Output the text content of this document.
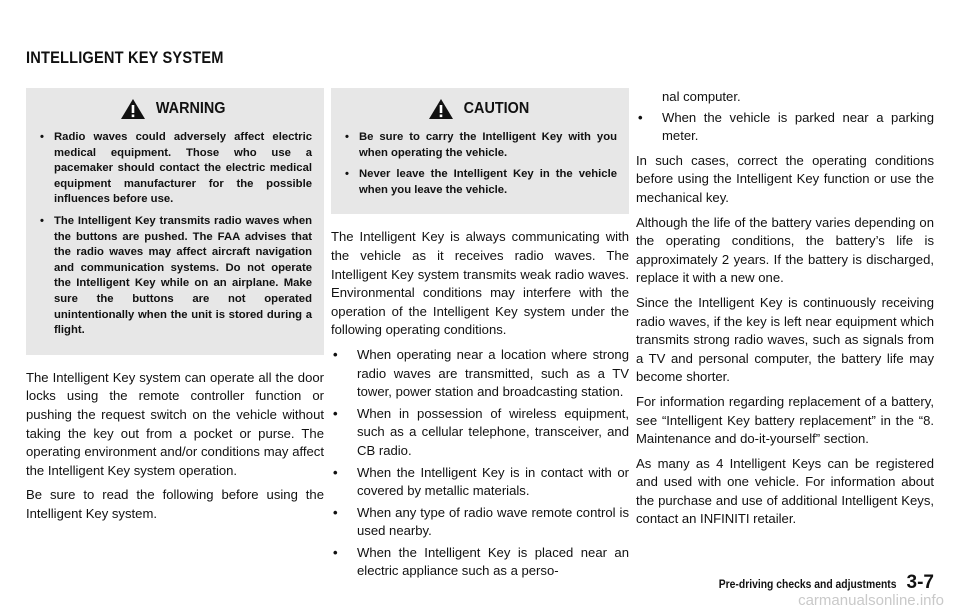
INTELLIGENT KEY SYSTEM
WARNING
• Radio waves could adversely affect electric medical equipment. Those who use a pacemaker should contact the electric medical equipment manufacturer for the possible influences before use.
• The Intelligent Key transmits radio waves when the buttons are pushed. The FAA advises that the radio waves may affect aircraft navigation and communication systems. Do not operate the Intelligent Key while on an airplane. Make sure the buttons are not operated unintentionally when the unit is stored during a flight.

The Intelligent Key system can operate all the door locks using the remote controller function or pushing the request switch on the vehicle without taking the key out from a pocket or purse. The operating environment and/or conditions may affect the Intelligent Key system operation.

Be sure to read the following before using the Intelligent Key system.

CAUTION
• Be sure to carry the Intelligent Key with you when operating the vehicle.
• Never leave the Intelligent Key in the vehicle when you leave the vehicle.

The Intelligent Key is always communicating with the vehicle as it receives radio waves. The Intelligent Key system transmits weak radio waves. Environmental conditions may interfere with the operation of the Intelligent Key system under the following operating conditions.

• When operating near a location where strong radio waves are transmitted, such as a TV tower, power station and broadcasting station.
• When in possession of wireless equipment, such as a cellular telephone, transceiver, and CB radio.
• When the Intelligent Key is in contact with or covered by metallic materials.
• When any type of radio wave remote control is used nearby.
• When the Intelligent Key is placed near an electric appliance such as a perso-
nal computer.
• When the vehicle is parked near a parking meter.

In such cases, correct the operating conditions before using the Intelligent Key function or use the mechanical key.

Although the life of the battery varies depending on the operating conditions, the battery’s life is approximately 2 years. If the battery is discharged, replace it with a new one.

Since the Intelligent Key is continuously receiving radio waves, if the key is left near equipment which transmits strong radio waves, such as signals from a TV and personal computer, the battery life may become shorter.

For information regarding replacement of a battery, see “Intelligent Key battery replacement” in the “8. Maintenance and do-it-yourself” section.

As many as 4 Intelligent Keys can be registered and used with one vehicle. For information about the purchase and use of additional Intelligent Keys, contact an INFINITI retailer.

Pre-driving checks and adjustments 3-7
carmanualsonline.info
